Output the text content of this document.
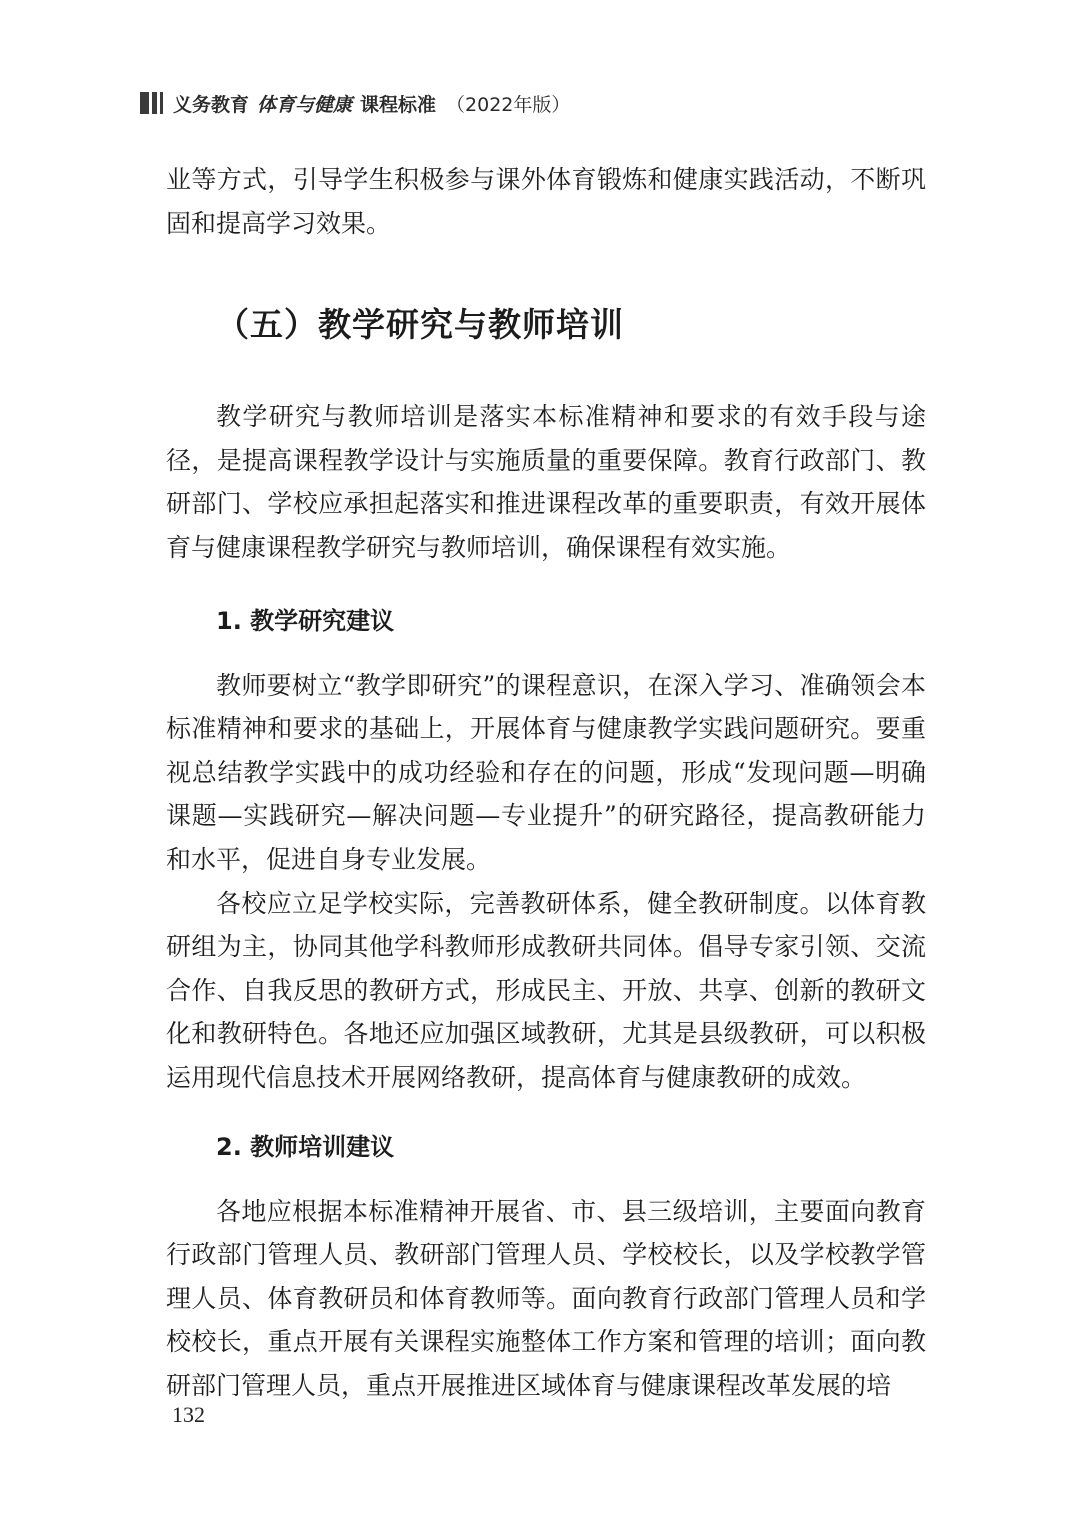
义务教育 体育与健康 课程标准 （2022年版）

业等方式，引导学生积极参与课外体育锻炼和健康实践活动，不断巩固和提高学习效果。

（五）教学研究与教师培训

教学研究与教师培训是落实本标准精神和要求的有效手段与途径，是提高课程教学设计与实施质量的重要保障。教育行政部门、教研部门、学校应承担起落实和推进课程改革的重要职责，有效开展体育与健康课程教学研究与教师培训，确保课程有效实施。

1. 教学研究建议

教师要树立“教学即研究”的课程意识，在深入学习、准确领会本标准精神和要求的基础上，开展体育与健康教学实践问题研究。要重视总结教学实践中的成功经验和存在的问题，形成“发现问题—明确课题—实践研究—解决问题—专业提升”的研究路径，提高教研能力和水平，促进自身专业发展。

各校应立足学校实际，完善教研体系，健全教研制度。以体育教研组为主，协同其他学科教师形成教研共同体。倡导专家引领、交流合作、自我反思的教研方式，形成民主、开放、共享、创新的教研文化和教研特色。各地还应加强区域教研，尤其是县级教研，可以积极运用现代信息技术开展网络教研，提高体育与健康教研的成效。

2. 教师培训建议

各地应根据本标准精神开展省、市、县三级培训，主要面向教育行政部门管理人员、教研部门管理人员、学校校长，以及学校教学管理人员、体育教研员和体育教师等。面向教育行政部门管理人员和学校校长，重点开展有关课程实施整体工作方案和管理的培训；面向教研部门管理人员，重点开展推进区域体育与健康课程改革发展的培

132
